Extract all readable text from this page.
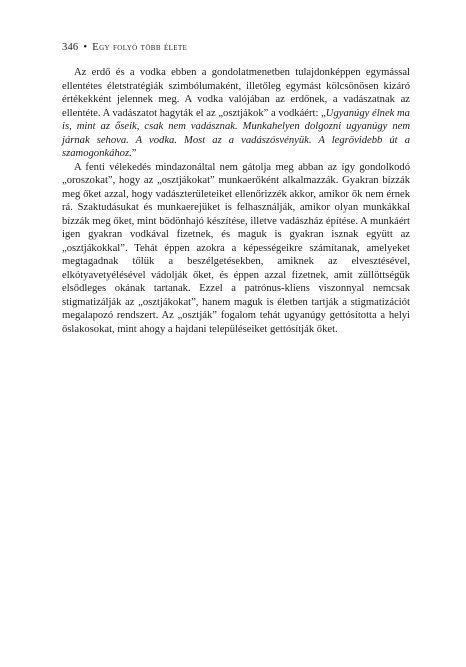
346 • Egy folyó több élete

Az erdő és a vodka ebben a gondolatmenetben tulajdonképpen egymással ellentétes életstratégiák szimbólumaként, illetőleg egymást kölcsönösen kizáró értékekként jelennek meg. A vodka valójában az erdőnek, a vadászatnak az ellentéte. A vadászatot hagyták el az „osztjákok” a vodkáért: „Ugyanúgy élnek ma is, mint az őseik, csak nem vadásznak. Munkahelyen dolgozni ugyanúgy nem járnak sehova. A vodka. Most az a vadászósvényük. A legrövidebb út a szamogonkához.”

A fenti vélekedés mindazonáltal nem gátolja meg abban az így gondolkodó „oroszokat”, hogy az „osztjákokat” munkaerőként alkalmazzák. Gyakran bízzák meg őket azzal, hogy vadászterületeiket ellenőrizzék akkor, amikor ők nem érnek rá. Szaktudásukat és munkaerejüket is felhasználják, amikor olyan munkákkal bízzák meg őket, mint bödönhajó készítése, illetve vadászház építése. A munkáért igen gyakran vodkával fizetnek, és maguk is gyakran isznak együtt az „osztjákokkal”. Tehát éppen azokra a képességeikre számítanak, amelyeket megtagadnak tőlük a beszélgetésekben, amiknek az elvesztésével, elkótyavetyélésével vádolják őket, és éppen azzal fizetnek, amit züllöttségük elsődleges okának tartanak. Ezzel a patrónus-kliens viszonnyal nemcsak stigmatizálják az „osztjákokat”, hanem maguk is életben tartják a stigmatizációt megalapozó rendszert. Az „osztják” fogalom tehát ugyanúgy gettósította a helyi őslakosokat, mint ahogy a hajdani településeiket gettósítják őket.
